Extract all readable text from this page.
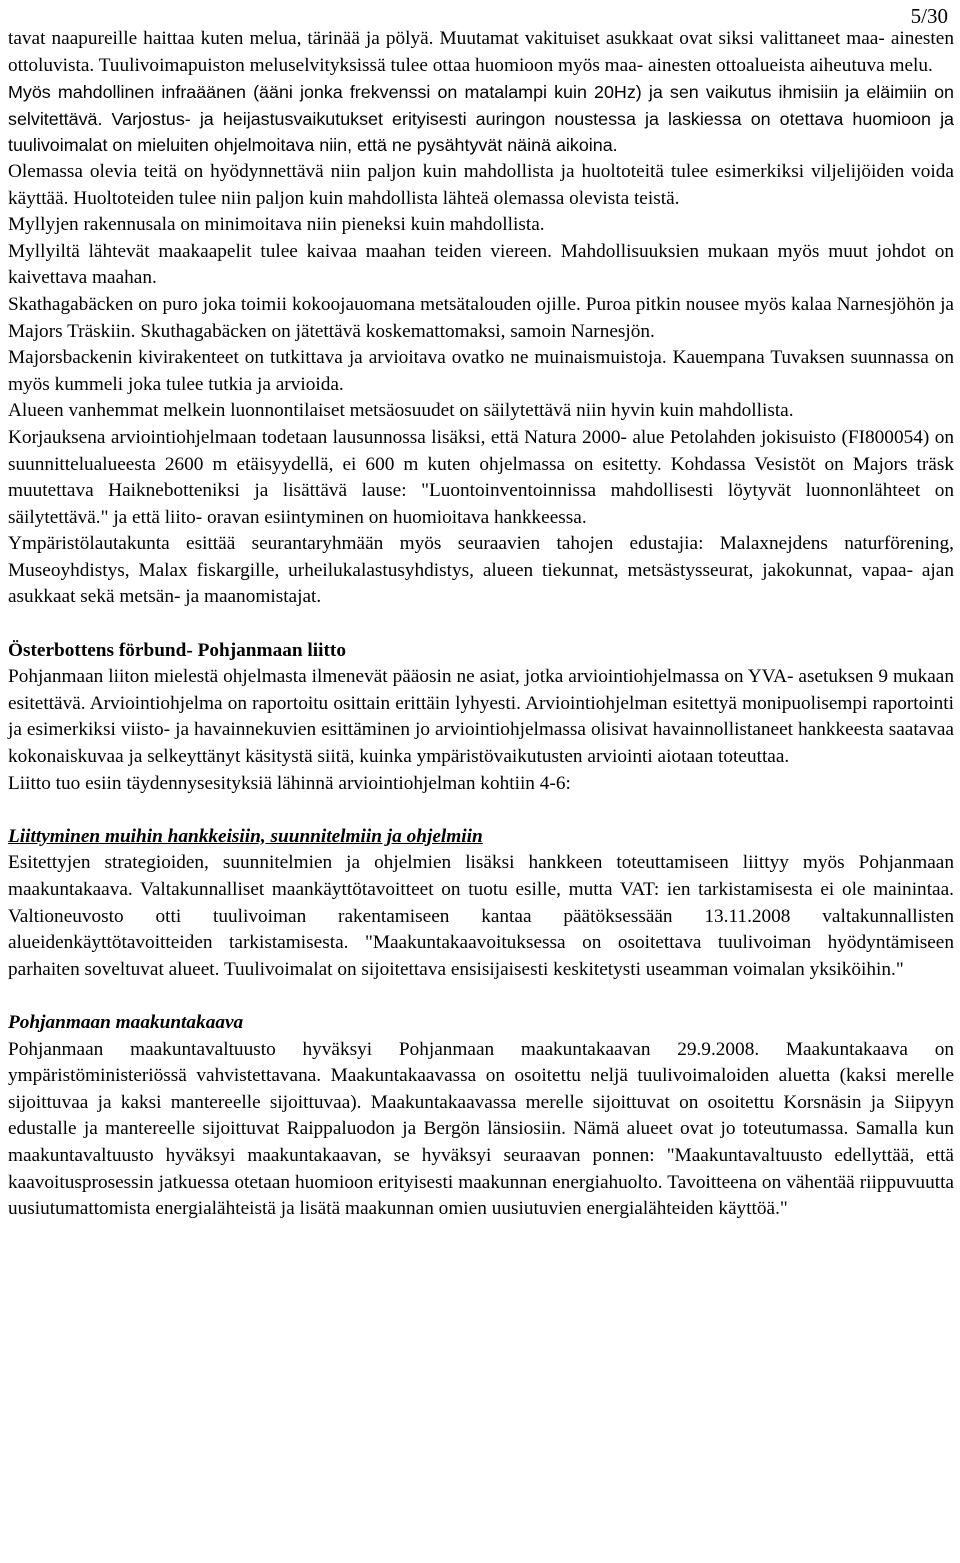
5/30

tavat naapureille haittaa kuten melua, tärinää ja pölyä. Muutamat vakituiset asukkaat ovat siksi valittaneet maa- ainesten ottoluvista. Tuulivoimapuiston meluselvityksissä tulee ottaa huomioon myös maa- ainesten ottoalueista aiheutuva melu.

Myös mahdollinen infraäänen (ääni jonka frekvenssi on matalampi kuin 20Hz) ja sen vaikutus ihmisiin ja eläimiin on selvitettävä. Varjostus- ja heijastusvaikutukset erityisesti auringon noustessa ja laskiessa on otettava huomioon ja tuulivoimalat on mieluiten ohjelmoitava niin, että ne pysähtyvät näinä aikoina.

Olemassa olevia teitä on hyödynnettävä niin paljon kuin mahdollista ja huoltoteitä tulee esimerkiksi viljelijöiden voida käyttää. Huoltoteiden tulee niin paljon kuin mahdollista lähteä olemassa olevista teistä.

Myllyjen rakennusala on minimoitava niin pieneksi kuin mahdollista.

Myllyiltä lähtevät maakaapelit tulee kaivaa maahan teiden viereen. Mahdollisuuksien mukaan myös muut johdot on kaivettava maahan.

Skathagabäcken on puro joka toimii kokoojauomana metsätalouden ojille. Puroa pitkin nousee myös kalaa Narnesjöhön ja Majors Träskiin. Skuthagabäcken on jätettävä koskemattomaksi, samoin Narnesjön.

Majorsbackenin kivirakenteet on tutkittava ja arvioitava ovatko ne muinaismuistoja. Kauempana Tuvaksen suunnassa on myös kummeli joka tulee tutkia ja arvioida.

Alueen vanhemmat melkein luonnontilaiset metsäosuudet on säilytettävä niin hyvin kuin mahdollista.

Korjauksena arviointiohjelmaan todetaan lausunnossa lisäksi, että Natura 2000- alue Petolahden jokisuisto (FI800054) on suunnittelualueesta 2600 m etäisyydellä, ei 600 m kuten ohjelmassa on esitetty. Kohdassa Vesistöt on Majors träsk muutettava Haiknebotteniksi ja lisättävä lause: "Luontoinventoinnissa mahdollisesti löytyvät luonnonlähteet on säilytettävä." ja että liito- oravan esiintyminen on huomioitava hankkeessa.

Ympäristölautakunta esittää seurantaryhmään myös seuraavien tahojen edustajia: Malaxnejdens naturförening, Museoyhdistys, Malax fiskargille, urheilukalastusyhdistys, alueen tiekunnat, metsästysseurat, jakokunnat, vapaa- ajan asukkaat sekä metsän- ja maanomistajat.

Österbottens förbund- Pohjanmaan liitto

Pohjanmaan liiton mielestä ohjelmasta ilmenevät pääosin ne asiat, jotka arviointiohjelmassa on YVA- asetuksen 9 mukaan esitettävä. Arviointiohjelma on raportoitu osittain erittäin lyhyesti. Arviointiohjelman esitettyä monipuolisempi raportointi ja esimerkiksi viisto- ja havainnekuvien esittäminen jo arviointiohjelmassa olisivat havainnollistaneet hankkeesta saatavaa kokonaiskuvaa ja selkeyttänyt käsitystä siitä, kuinka ympäristövaikutusten arviointi aiotaan toteuttaa.

Liitto tuo esiin täydennysesityksiä lähinnä arviointiohjelman kohtiin 4-6:

Liittyminen muihin hankkeisiin, suunnitelmiin ja ohjelmiin

Esitettyjen strategioiden, suunnitelmien ja ohjelmien lisäksi hankkeen toteuttamiseen liittyy myös Pohjanmaan maakuntakaava. Valtakunnalliset maankäyttötavoitteet on tuotu esille, mutta VAT: ien tarkistamisesta ei ole mainintaa. Valtioneuvosto otti tuulivoiman rakentamiseen kantaa päätöksessään 13.11.2008 valtakunnallisten alueidenkäyttötavoitteiden tarkistamisesta. "Maakuntakaavoituksessa on osoitettava tuulivoiman hyödyntämiseen parhaiten soveltuvat alueet. Tuulivoimalat on sijoitettava ensisijaisesti keskitetysti useamman voimalan yksiköihin."

Pohjanmaan maakuntakaava

Pohjanmaan maakuntavaltuusto hyväksyi Pohjanmaan maakuntakaavan 29.9.2008. Maakuntakaava on ympäristöministeriössä vahvistettavana. Maakuntakaavassa on osoitettu neljä tuulivoimaloiden aluetta (kaksi merelle sijoittuvaa ja kaksi mantereelle sijoittuvaa). Maakuntakaavassa merelle sijoittuvat on osoitettu Korsnäsin ja Siipyyn edustalle ja mantereelle sijoittuvat Raippaluodon ja Bergön länsiosiin. Nämä alueet ovat jo toteutumassa. Samalla kun maakuntavaltuusto hyväksyi maakuntakaavan, se hyväksyi seuraavan ponnen: "Maakuntavaltuusto edellyttää, että kaavoitusprosessin jatkuessa otetaan huomioon erityisesti maakunnan energiahuolto. Tavoitteena on vähentää riippuvuutta uusiutumattomista energialähteistä ja lisätä maakunnan omien uusiutuvien energialähteiden käyttöä."
